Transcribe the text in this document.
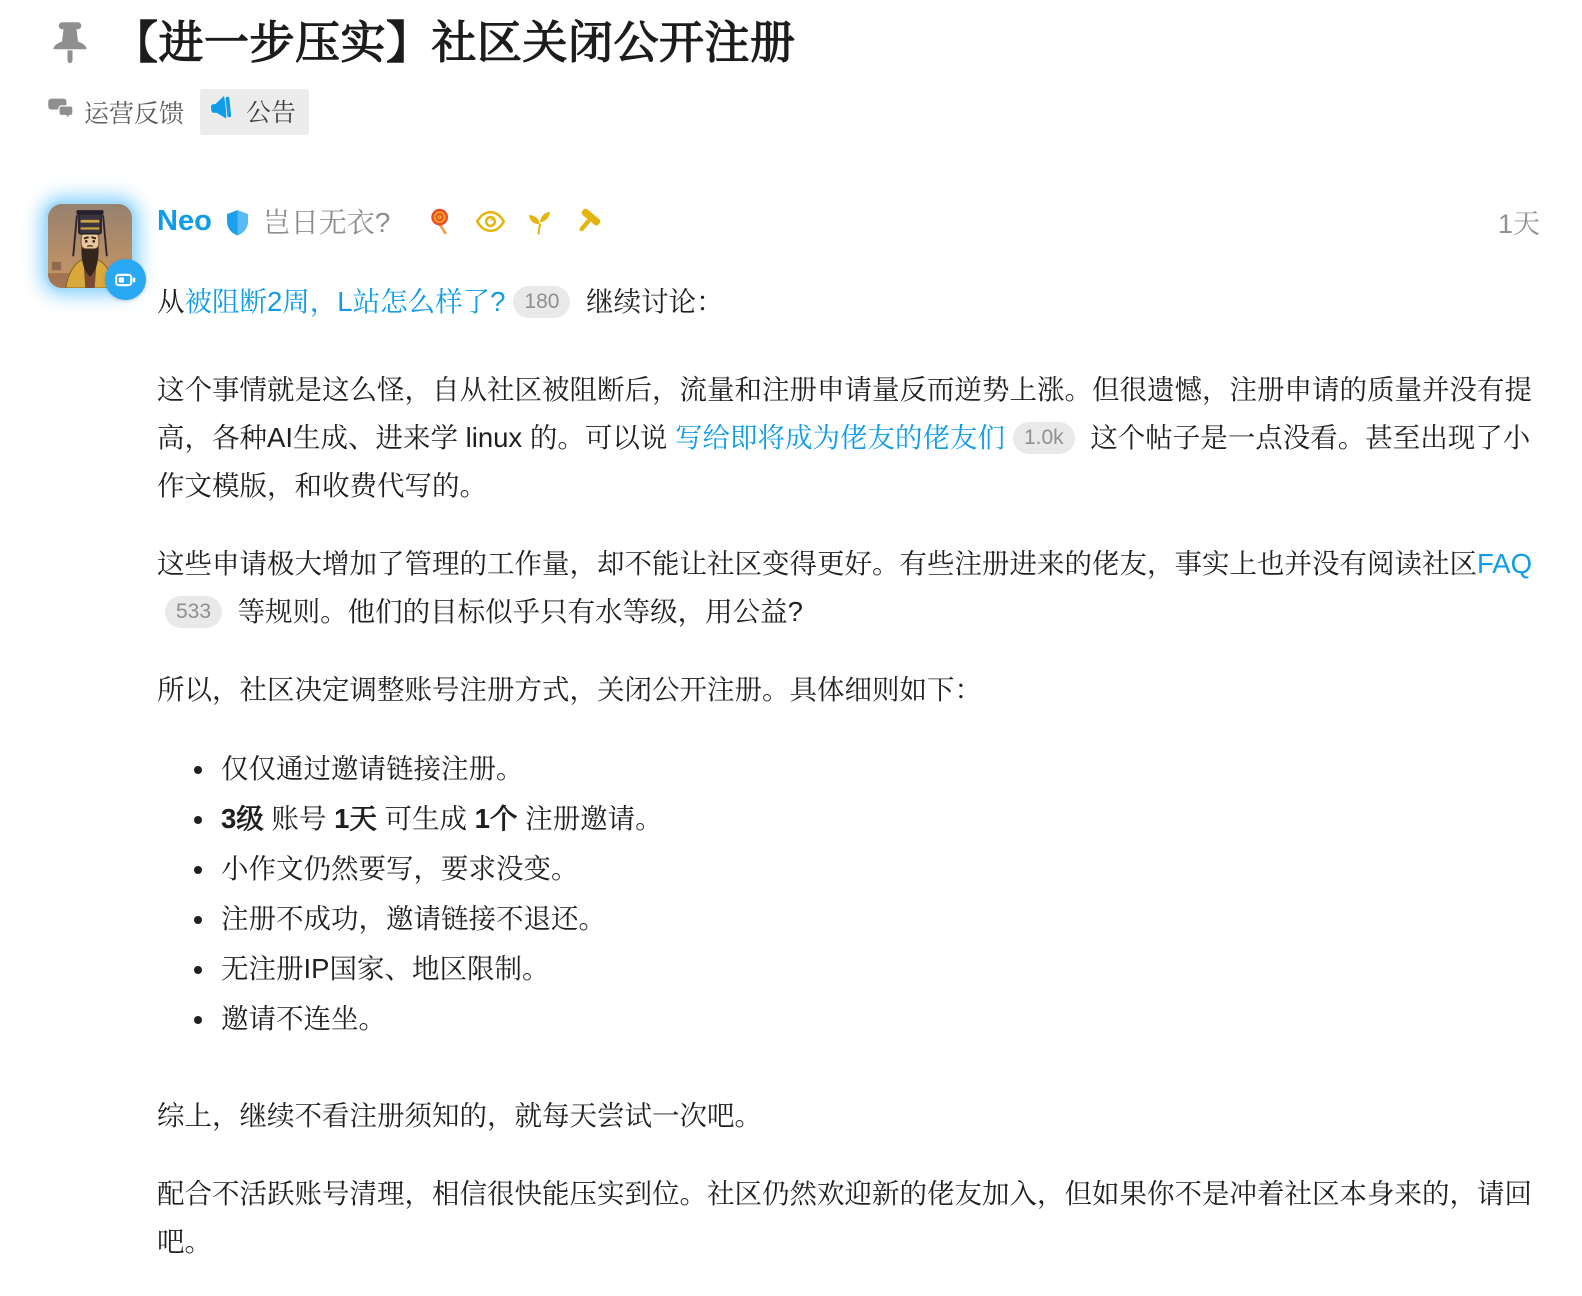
【进一步压实】社区关闭公开注册
运营反馈 公告
Neo 岂日无衣?	1天

从被阻断2周，L站怎么样了? 180 继续讨论：

这个事情就是这么怪，自从社区被阻断后，流量和注册申请量反而逆势上涨。但很遗憾，注册申请的质量并没有提高，各种AI生成、进来学 linux 的。可以说 写给即将成为佬友的佬友们 1.0k 这个帖子是一点没看。甚至出现了小作文模版，和收费代写的。

这些申请极大增加了管理的工作量，却不能让社区变得更好。有些注册进来的佬友，事实上也并没有阅读社区FAQ533 等规则。他们的目标似乎只有水等级，用公益?

所以，社区决定调整账号注册方式，关闭公开注册。具体细则如下：

• 仅仅通过邀请链接注册。
• 3级 账号 1天 可生成 1个 注册邀请。
• 小作文仍然要写，要求没变。
• 注册不成功，邀请链接不退还。
• 无注册IP国家、地区限制。
• 邀请不连坐。

综上，继续不看注册须知的，就每天尝试一次吧。

配合不活跃账号清理，相信很快能压实到位。社区仍然欢迎新的佬友加入，但如果你不是冲着社区本身来的，请回吧。
